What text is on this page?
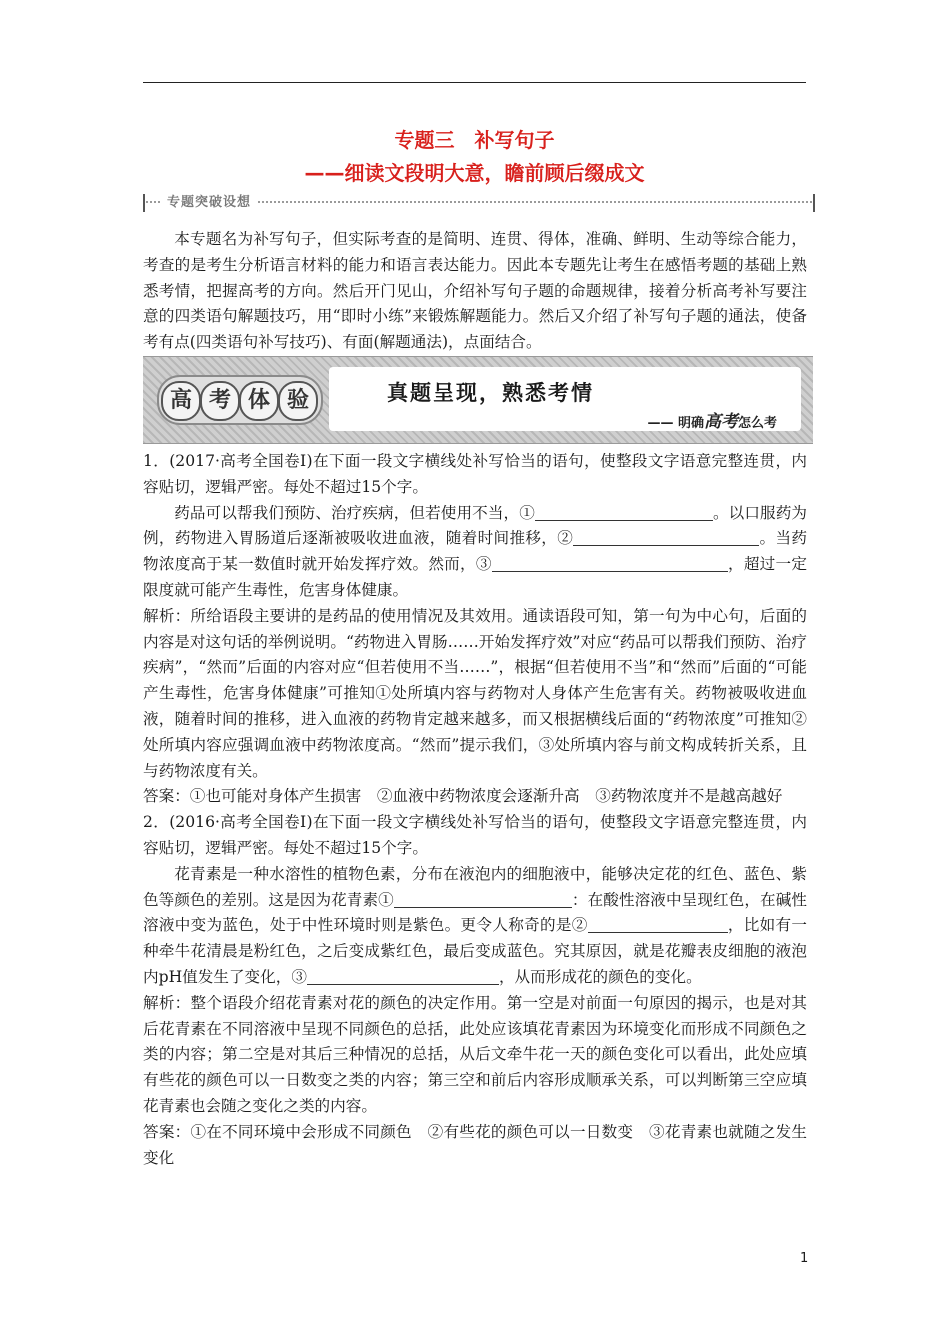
专题三　补写句子
——细读文段明大意，瞻前顾后缀成文
专题突破设想

本专题名为补写句子，但实际考查的是简明、连贯、得体，准确、鲜明、生动等综合能力，考查的是考生分析语言材料的能力和语言表达能力。因此本专题先让考生在感悟考题的基础上熟悉考情，把握高考的方向。然后开门见山，介绍补写句子题的命题规律，接着分析高考补写要注意的四类语句解题技巧，用“即时小练”来锻炼解题能力。然后又介绍了补写句子题的通法，使备考有点(四类语句补写技巧)、有面(解题通法)，点面结合。

高 考 体 验	真题呈现，熟悉考情
—— 明确高考怎么考

1．(2017·高考全国卷Ⅰ)在下面一段文字横线处补写恰当的语句，使整段文字语意完整连贯，内容贴切，逻辑严密。每处不超过15个字。

药品可以帮我们预防、治疗疾病，但若使用不当，①	。以口服药为例，药物进入胃肠道后逐渐被吸收进血液，随着时间推移，②	。当药物浓度高于某一数值时就开始发挥疗效。然而，③	，超过一定限度就可能产生毒性，危害身体健康。

解析：所给语段主要讲的是药品的使用情况及其效用。通读语段可知，第一句为中心句，后面的内容是对这句话的举例说明。“药物进入胃肠……开始发挥疗效”对应“药品可以帮我们预防、治疗疾病”，“然而”后面的内容对应“但若使用不当……”，根据“但若使用不当”和“然而”后面的“可能产生毒性，危害身体健康”可推知①处所填内容与药物对人身体产生危害有关。药物被吸收进血液，随着时间的推移，进入血液的药物肯定越来越多，而又根据横线后面的“药物浓度”可推知②处所填内容应强调血液中药物浓度高。“然而”提示我们，③处所填内容与前文构成转折关系，且与药物浓度有关。

答案：①也可能对身体产生损害　②血液中药物浓度会逐渐升高　③药物浓度并不是越高越好

2．(2016·高考全国卷Ⅰ)在下面一段文字横线处补写恰当的语句，使整段文字语意完整连贯，内容贴切，逻辑严密。每处不超过15个字。

花青素是一种水溶性的植物色素，分布在液泡内的细胞液中，能够决定花的红色、蓝色、紫色等颜色的差别。这是因为花青素①	：在酸性溶液中呈现红色，在碱性溶液中变为蓝色，处于中性环境时则是紫色。更令人称奇的是②	，比如有一种牵牛花清晨是粉红色，之后变成紫红色，最后变成蓝色。究其原因，就是花瓣表皮细胞的液泡内pH值发生了变化，③	，从而形成花的颜色的变化。

解析：整个语段介绍花青素对花的颜色的决定作用。第一空是对前面一句原因的揭示，也是对其后花青素在不同溶液中呈现不同颜色的总括，此处应该填花青素因为环境变化而形成不同颜色之类的内容；第二空是对其后三种情况的总括，从后文牵牛花一天的颜色变化可以看出，此处应填有些花的颜色可以一日数变之类的内容；第三空和前后内容形成顺承关系，可以判断第三空应填花青素也会随之变化之类的内容。

答案：①在不同环境中会形成不同颜色　②有些花的颜色可以一日数变　③花青素也就随之发生变化

1
